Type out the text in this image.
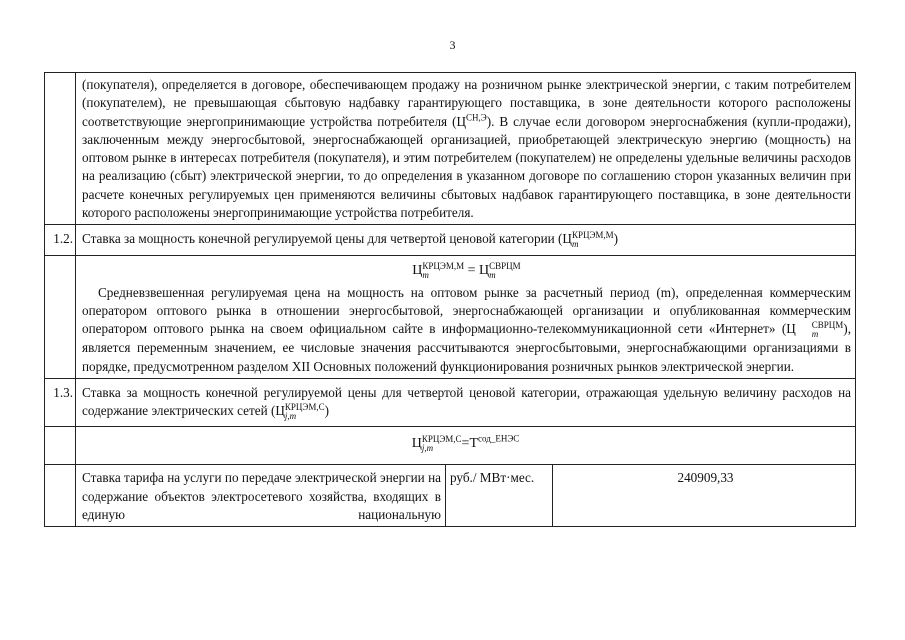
3
(покупателя), определяется в договоре, обеспечивающем продажу на розничном рынке электрической энергии, с таким потребителем (покупателем), не превышающая сбытовую надбавку гарантирующего поставщика, в зоне деятельности которого расположены соответствующие энергопринимающие устройства потребителя $(Ц^{СН,Э})$. В случае если договором энергоснабжения (купли-продажи), заключенным между энергосбытовой, энергоснабжающей организацией, приобретающей электрическую энергию (мощность) на оптовом рынке в интересах потребителя (покупателя), и этим потребителем (покупателем) не определены удельные величины расходов на реализацию (сбыт) электрической энергии, то до определения в указанном договоре по соглашению сторон указанных величин при расчете конечных регулируемых цен применяются величины сбытовых надбавок гарантирующего поставщика, в зоне деятельности которого расположены энергопринимающие устройства потребителя.
1.2. Ставка за мощность конечной регулируемой цены для четвертой ценовой категории (Ц КРЦЭМ,М
m	)
Ц КРЦЭМ,М
m	= Ц СВРЦМ
m
Средневзвешенная регулируемая цена на мощность на оптовом рынке за расчетный период (m), определенная коммерческим оператором оптового рынка в отношении энергосбытовой, энергоснабжающей организации и опубликованная коммерческим оператором оптового рынка на своем официальном сайте в информационно-телекоммуникационной сети «Интернет» (Ц	СВРЦМ
m	), является переменным значением, ее числовые значения рассчитываются энергосбытовыми, энергоснабжающими организациями в порядке, предусмотренном разделом XII Основных положений функционирования розничных рынков электрической энергии.
1.3. Ставка за мощность конечной регулируемой цены для четвертой ценовой категории, отражающая удельную величину расходов на содержание электрических сетей (Ц КРЦЭМ,С
j,m	)
Ц КРЦЭМ,С
j,m	$=Т^{сод\_ЕНЭС}$
Ставка тарифа на услуги по передаче электрической энергии на содержание объектов электросетевого хозяйства, входящих в единую национальную
руб./ МВт·мес.	240909,33
